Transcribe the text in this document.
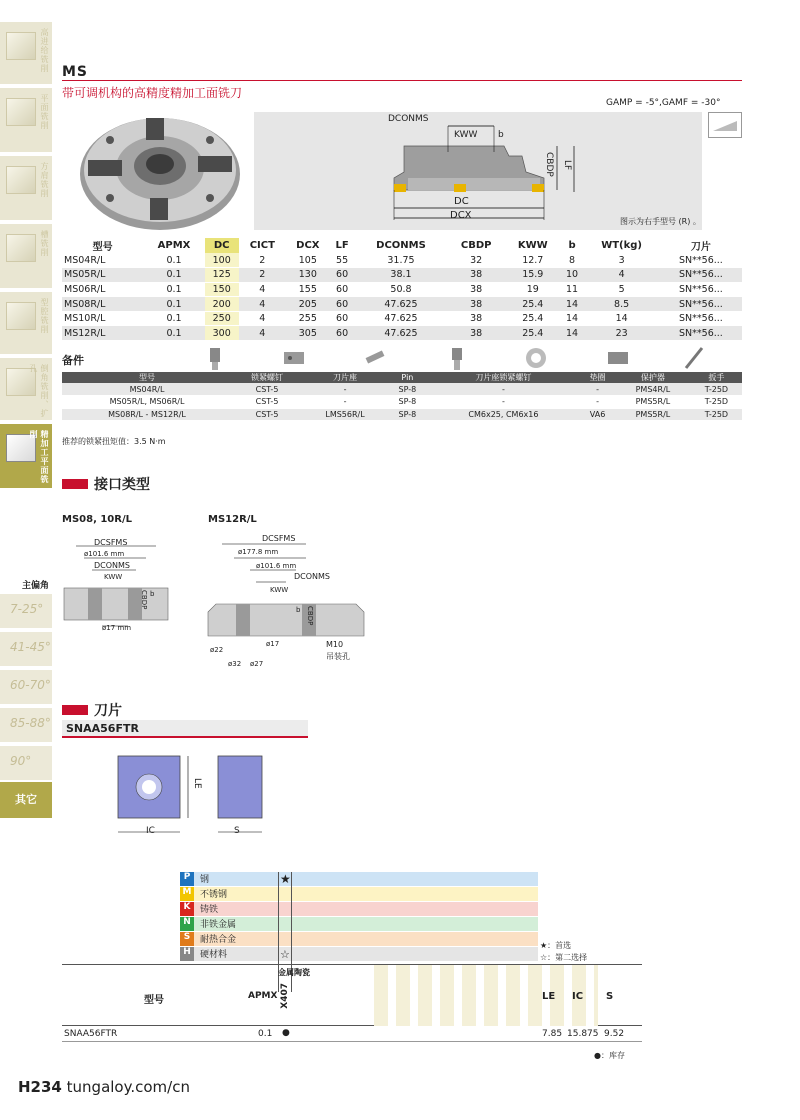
高进给铣削
平面铣削
方肩铣削
槽铣削
型腔铣削
倒角铣削、扩孔
精加工平面铣削
主偏角
7-25°
41-45°
60-70°
85-88°
90°
其它
MS
带可调机构的高精度精加工面铣刀
GAMP = -5°,GAMF = -30°
DCONMS
KWW b
CBDP LF
DC
DCX
图示为右手型号 (R) 。
型号	APMX	DC	CICT	DCX	LF	DCONMS	CBDP	KWW	b	WT(kg)	刀片
MS04R/L	0.1	100	2	105	55	31.75	32	12.7	8	3	SN**56...
MS05R/L	0.1	125	2	130	60	38.1	38	15.9	10	4	SN**56...
MS06R/L	0.1	150	4	155	60	50.8	38	19	11	5	SN**56...
MS08R/L	0.1	200	4	205	60	47.625	38	25.4	14	8.5	SN**56...
MS10R/L	0.1	250	4	255	60	47.625	38	25.4	14	14	SN**56...
MS12R/L	0.1	300	4	305	60	47.625	38	25.4	14	23	SN**56...
备件
型号	锁紧螺钉	刀片座	Pin	刀片座锁紧螺钉	垫圈	保护器	扳手
MS04R/L	CST-5	-	SP-8	-	-	PMS4R/L	T-25D
MS05R/L, MS06R/L	CST-5	-	SP-8	-	-	PMS5R/L	T-25D
MS08R/L - MS12R/L	CST-5	LMS56R/L	SP-8	CM6x25, CM6x16	VA6	PMS5R/L	T-25D
推荐的锁紧扭矩值：3.5 N·m
接口类型
MS08, 10R/L	MS12R/L
DCSFMS
ø101.6 mm
DCONMS
KWW
b
CBDP
ø17 mm
DCSFMS
ø177.8 mm
ø101.6 mm
DCONMS
KWW
b CBDP
ø17
ø22
ø32 ø27
M10
吊装孔
刀片
SNAA56FTR
IC
LE
S
P	钢
M 不锈钢
K	铸铁
N	非铁金属
S	耐热合金
H	硬材料
★
☆
★：首选
☆：第二选择
型号	APMX
金属陶瓷
X407	LE IC S
SNAA56FTR	0.1 ●	7.85 15.875 9.52
●：库存
H234 tungaloy.com/cn
